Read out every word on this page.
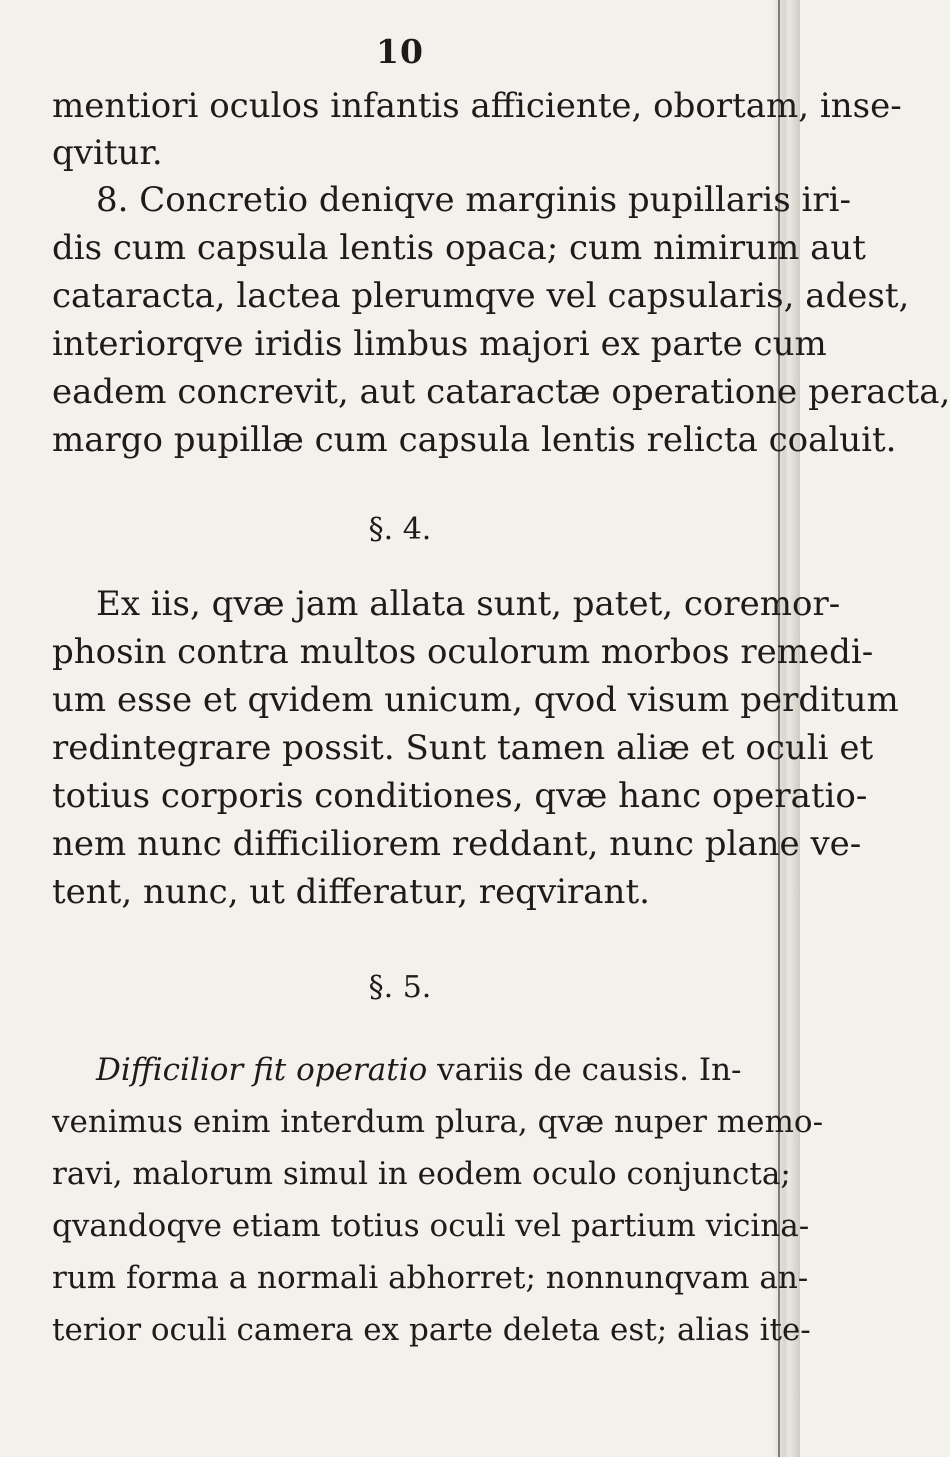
10
mentiori oculos infantis afficiente, obortam, inse-
qvitur.
8. Concretio deniqve marginis pupillaris iri-
dis cum capsula lentis opaca; cum nimirum aut
cataracta, lactea plerumqve vel capsularis, adest,
interiorqve iridis limbus majori ex parte cum
eadem concrevit, aut cataractæ operatione peracta,
margo pupillæ cum capsula lentis relicta coaluit.
§. 4.
Ex iis, qvæ jam allata sunt, patet, coremor-
phosin contra multos oculorum morbos remedi-
um esse et qvidem unicum, qvod visum perditum
redintegrare possit. Sunt tamen aliæ et oculi et
totius corporis conditiones, qvæ hanc operatio-
nem nunc difficiliorem reddant, nunc plane ve-
tent, nunc, ut differatur, reqvirant.
§. 5.
Difficilior fit operatio variis de causis. In-
venimus enim interdum plura, qvæ nuper memo-
ravi, malorum simul in eodem oculo conjuncta;
qvandoqve etiam totius oculi vel partium vicina-
rum forma a normali abhorret; nonnunqvam an-
terior oculi camera ex parte deleta est; alias ite-
